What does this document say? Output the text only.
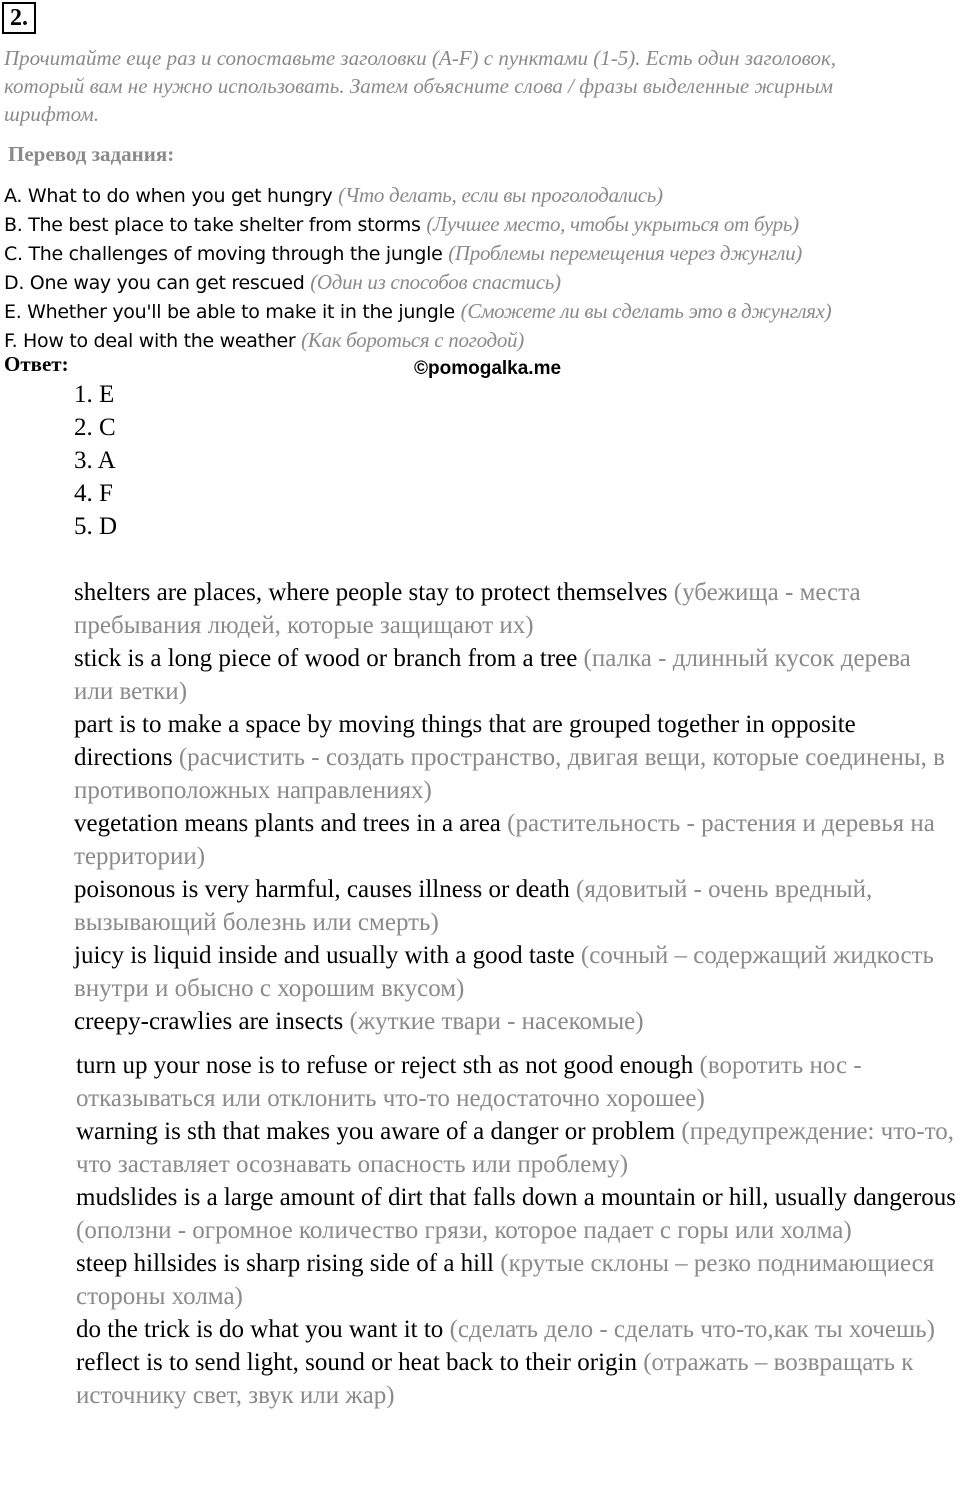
2.

Прочитайте еще раз и сопоставьте заголовки (A-F) с пунктами (1-5). Есть один заголовок, который вам не нужно использовать. Затем объясните слова / фразы выделенные жирным шрифтом.

Перевод задания:
A. What to do when you get hungry (Что делать, если вы проголодались)
B. The best place to take shelter from storms (Лучшее место, чтобы укрыться от бурь)
C. The challenges of moving through the jungle (Проблемы перемещения через джунгли)
D. One way you can get rescued (Один из способов спастись)
E. Whether you'll be able to make it in the jungle (Сможете ли вы сделать это в джунглях)
F. How to deal with the weather (Как бороться с погодой)
Ответ:	©pomogalka.me
1. E
2. C
3. A
4. F
5. D
shelters are places, where people stay to protect themselves (убежища - места пребывания людей, которые защищают их)
stick is a long piece of wood or branch from a tree (палка - длинный кусок дерева или ветки)
part is to make a space by moving things that are grouped together in opposite directions (расчистить - создать пространство, двигая вещи, которые соединены, в противоположных направлениях)
vegetation means plants and trees in a area (растительность - растения и деревья на территории)
poisonous is very harmful, causes illness or death (ядовитый - очень вредный, вызывающий болезнь или смерть)
juicy is liquid inside and usually with a good taste (сочный – содержащий жидкость внутри и обысно с хорошим вкусом)
creepy-crawlies are insects (жуткие твари - насекомые)
turn up your nose is to refuse or reject sth as not good enough (воротить нос - отказываться или отклонить что-то недостаточно хорошее)
warning is sth that makes you aware of a danger or problem (предупреждение: что-то, что заставляет осознавать опасность или проблему)
mudslides is a large amount of dirt that falls down a mountain or hill, usually dangerous (оползни - огромное количество грязи, которое падает с горы или холма)
steep hillsides is sharp rising side of a hill (крутые склоны – резко поднимающиеся стороны холма)
do the trick is do what you want it to (сделать дело - сделать что-то,как ты хочешь)
reflect is to send light, sound or heat back to their origin (отражать – возвращать к источнику свет, звук или жар)
